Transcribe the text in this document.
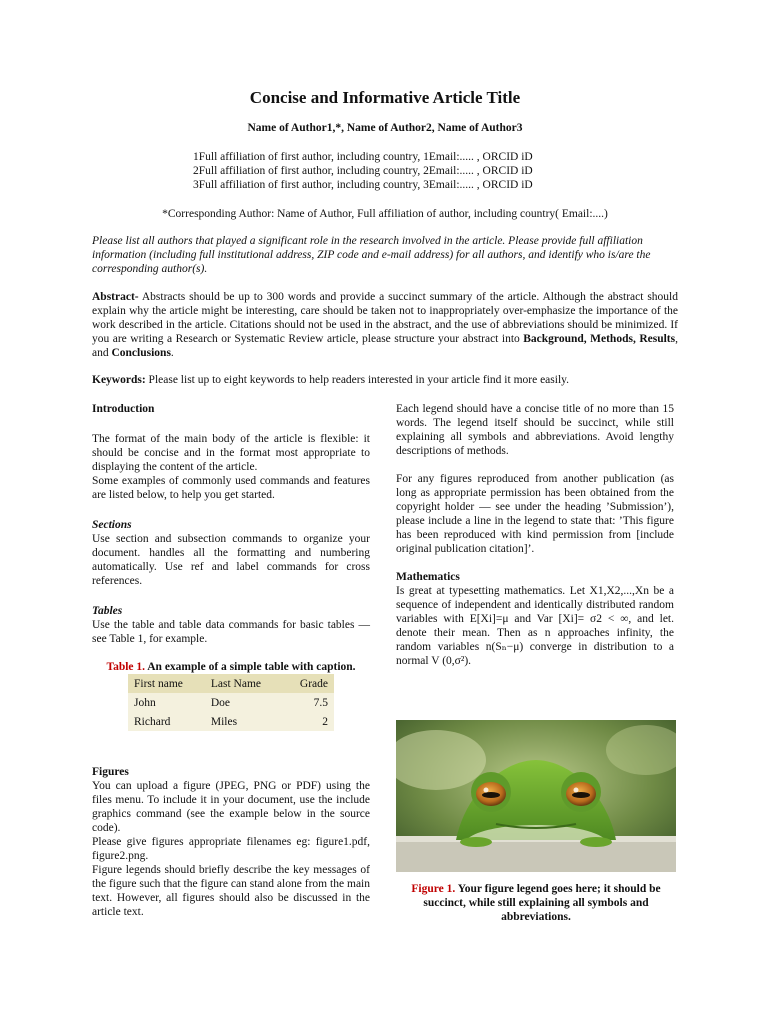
Concise and Informative Article Title
Name of Author1,*, Name of Author2, Name of Author3
1Full affiliation of first author, including country, 1Email:..... , ORCID iD
2Full affiliation of first author, including country, 2Email:..... , ORCID iD
3Full affiliation of first author, including country, 3Email:..... , ORCID iD
*Corresponding Author: Name of Author, Full affiliation of author, including country( Email:....)
Please list all authors that played a significant role in the research involved in the article. Please provide full affiliation information (including full institutional address, ZIP code and e-mail address) for all authors, and identify who is/are the corresponding author(s).
Abstract- Abstracts should be up to 300 words and provide a succinct summary of the article. Although the abstract should explain why the article might be interesting, care should be taken not to inappropriately over-emphasize the importance of the work described in the article. Citations should not be used in the abstract, and the use of abbreviations should be minimized. If you are writing a Research or Systematic Review article, please structure your abstract into Background, Methods, Results, and Conclusions.
Keywords: Please list up to eight keywords to help readers interested in your article find it more easily.

Introduction

The format of the main body of the article is flexible: it should be concise and in the format most appropriate to displaying the content of the article.

Some examples of commonly used commands and features are listed below, to help you get started.

Sections

Use section and subsection commands to organize your document. handles all the formatting and numbering automatically. Use ref and label commands for cross references.

Tables

Use the table and table data commands for basic tables — see Table 1, for example.

Table 1. An example of a simple table with caption.

First name	Last Name	Grade
John	Doe	7.5
Richard	Miles	2

Figures

You can upload a figure (JPEG, PNG or PDF) using the files menu. To include it in your document, use the include graphics command (see the example below in the source code).

Please give figures appropriate filenames eg: figure1.pdf, figure2.png.

Figure legends should briefly describe the key messages of the figure such that the figure can stand alone from the main text. However, all figures should also be discussed in the article text.

Each legend should have a concise title of no more than 15 words. The legend itself should be succinct, while still explaining all symbols and abbreviations. Avoid lengthy descriptions of methods.

For any figures reproduced from another publication (as long as appropriate permission has been obtained from the copyright holder — see under the heading ’Submission’), please include a line in the legend to state that: ’This figure has been reproduced with kind permission from [include original publication citation]’.

Mathematics

Is great at typesetting mathematics. Let X1,X2,...,Xn be a sequence of independent and identically distributed random variables with E[Xi]=μ and Var [Xi]= σ2 < ∞, and let. denote their mean. Then as n approaches infinity, the random variables n(Sₙ−μ) converge in distribution to a normal V (0,σ²).

Figure 1. Your figure legend goes here; it should be succinct, while still explaining all symbols and abbreviations.
